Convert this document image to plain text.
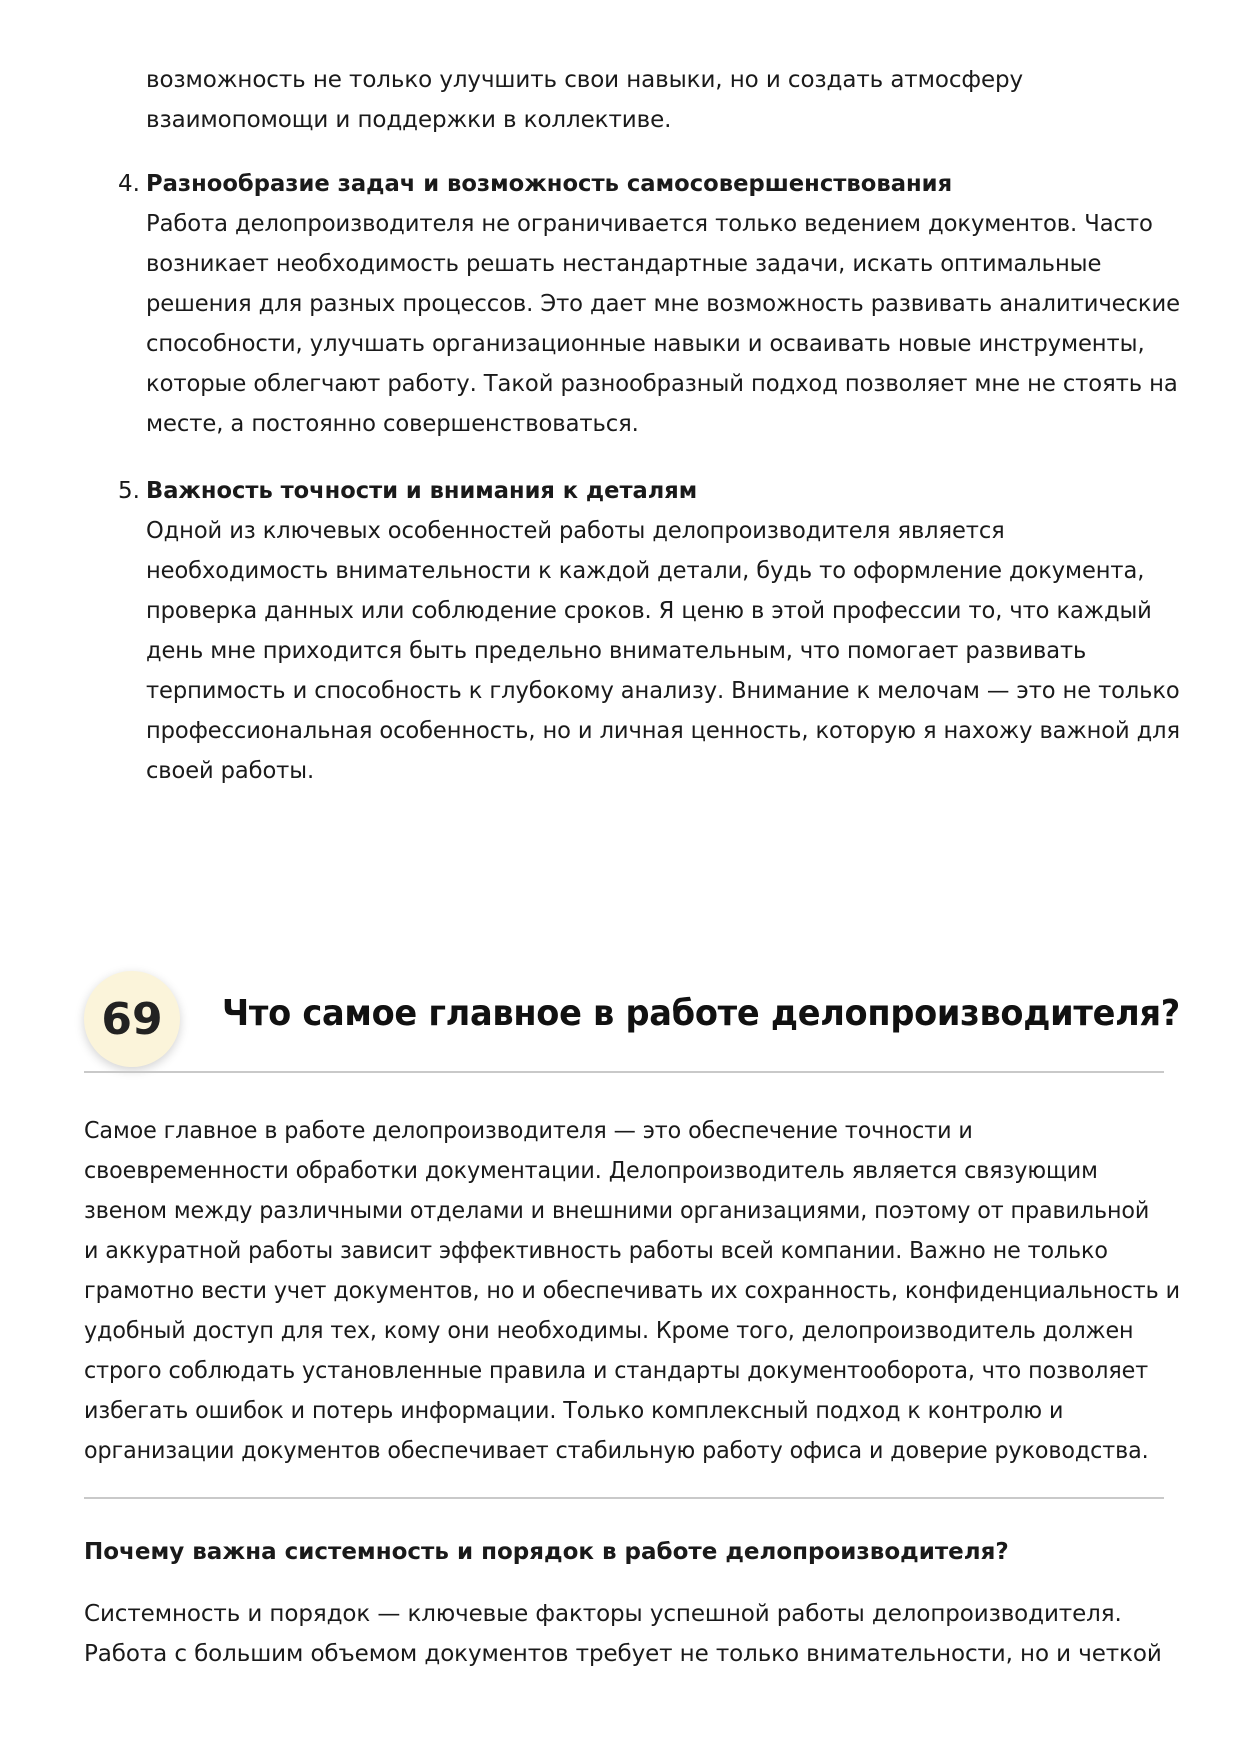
возможность не только улучшить свои навыки, но и создать атмосферу
взаимопомощи и поддержки в коллективе.
4. Разнообразие задач и возможность самосовершенствования
Работа делопроизводителя не ограничивается только ведением документов. Часто
возникает необходимость решать нестандартные задачи, искать оптимальные
решения для разных процессов. Это дает мне возможность развивать аналитические
способности, улучшать организационные навыки и осваивать новые инструменты,
которые облегчают работу. Такой разнообразный подход позволяет мне не стоять на
месте, а постоянно совершенствоваться.
5. Важность точности и внимания к деталям
Одной из ключевых особенностей работы делопроизводителя является
необходимость внимательности к каждой детали, будь то оформление документа,
проверка данных или соблюдение сроков. Я ценю в этой профессии то, что каждый
день мне приходится быть предельно внимательным, что помогает развивать
терпимость и способность к глубокому анализу. Внимание к мелочам — это не только
профессиональная особенность, но и личная ценность, которую я нахожу важной для
своей работы.
69	Что самое главное в работе делопроизводителя?
Самое главное в работе делопроизводителя — это обеспечение точности и
своевременности обработки документации. Делопроизводитель является связующим
звеном между различными отделами и внешними организациями, поэтому от правильной
и аккуратной работы зависит эффективность работы всей компании. Важно не только
грамотно вести учет документов, но и обеспечивать их сохранность, конфиденциальность и
удобный доступ для тех, кому они необходимы. Кроме того, делопроизводитель должен
строго соблюдать установленные правила и стандарты документооборота, что позволяет
избегать ошибок и потерь информации. Только комплексный подход к контролю и
организации документов обеспечивает стабильную работу офиса и доверие руководства.
Почему важна системность и порядок в работе делопроизводителя?
Системность и порядок — ключевые факторы успешной работы делопроизводителя.
Работа с большим объемом документов требует не только внимательности, но и четкой
